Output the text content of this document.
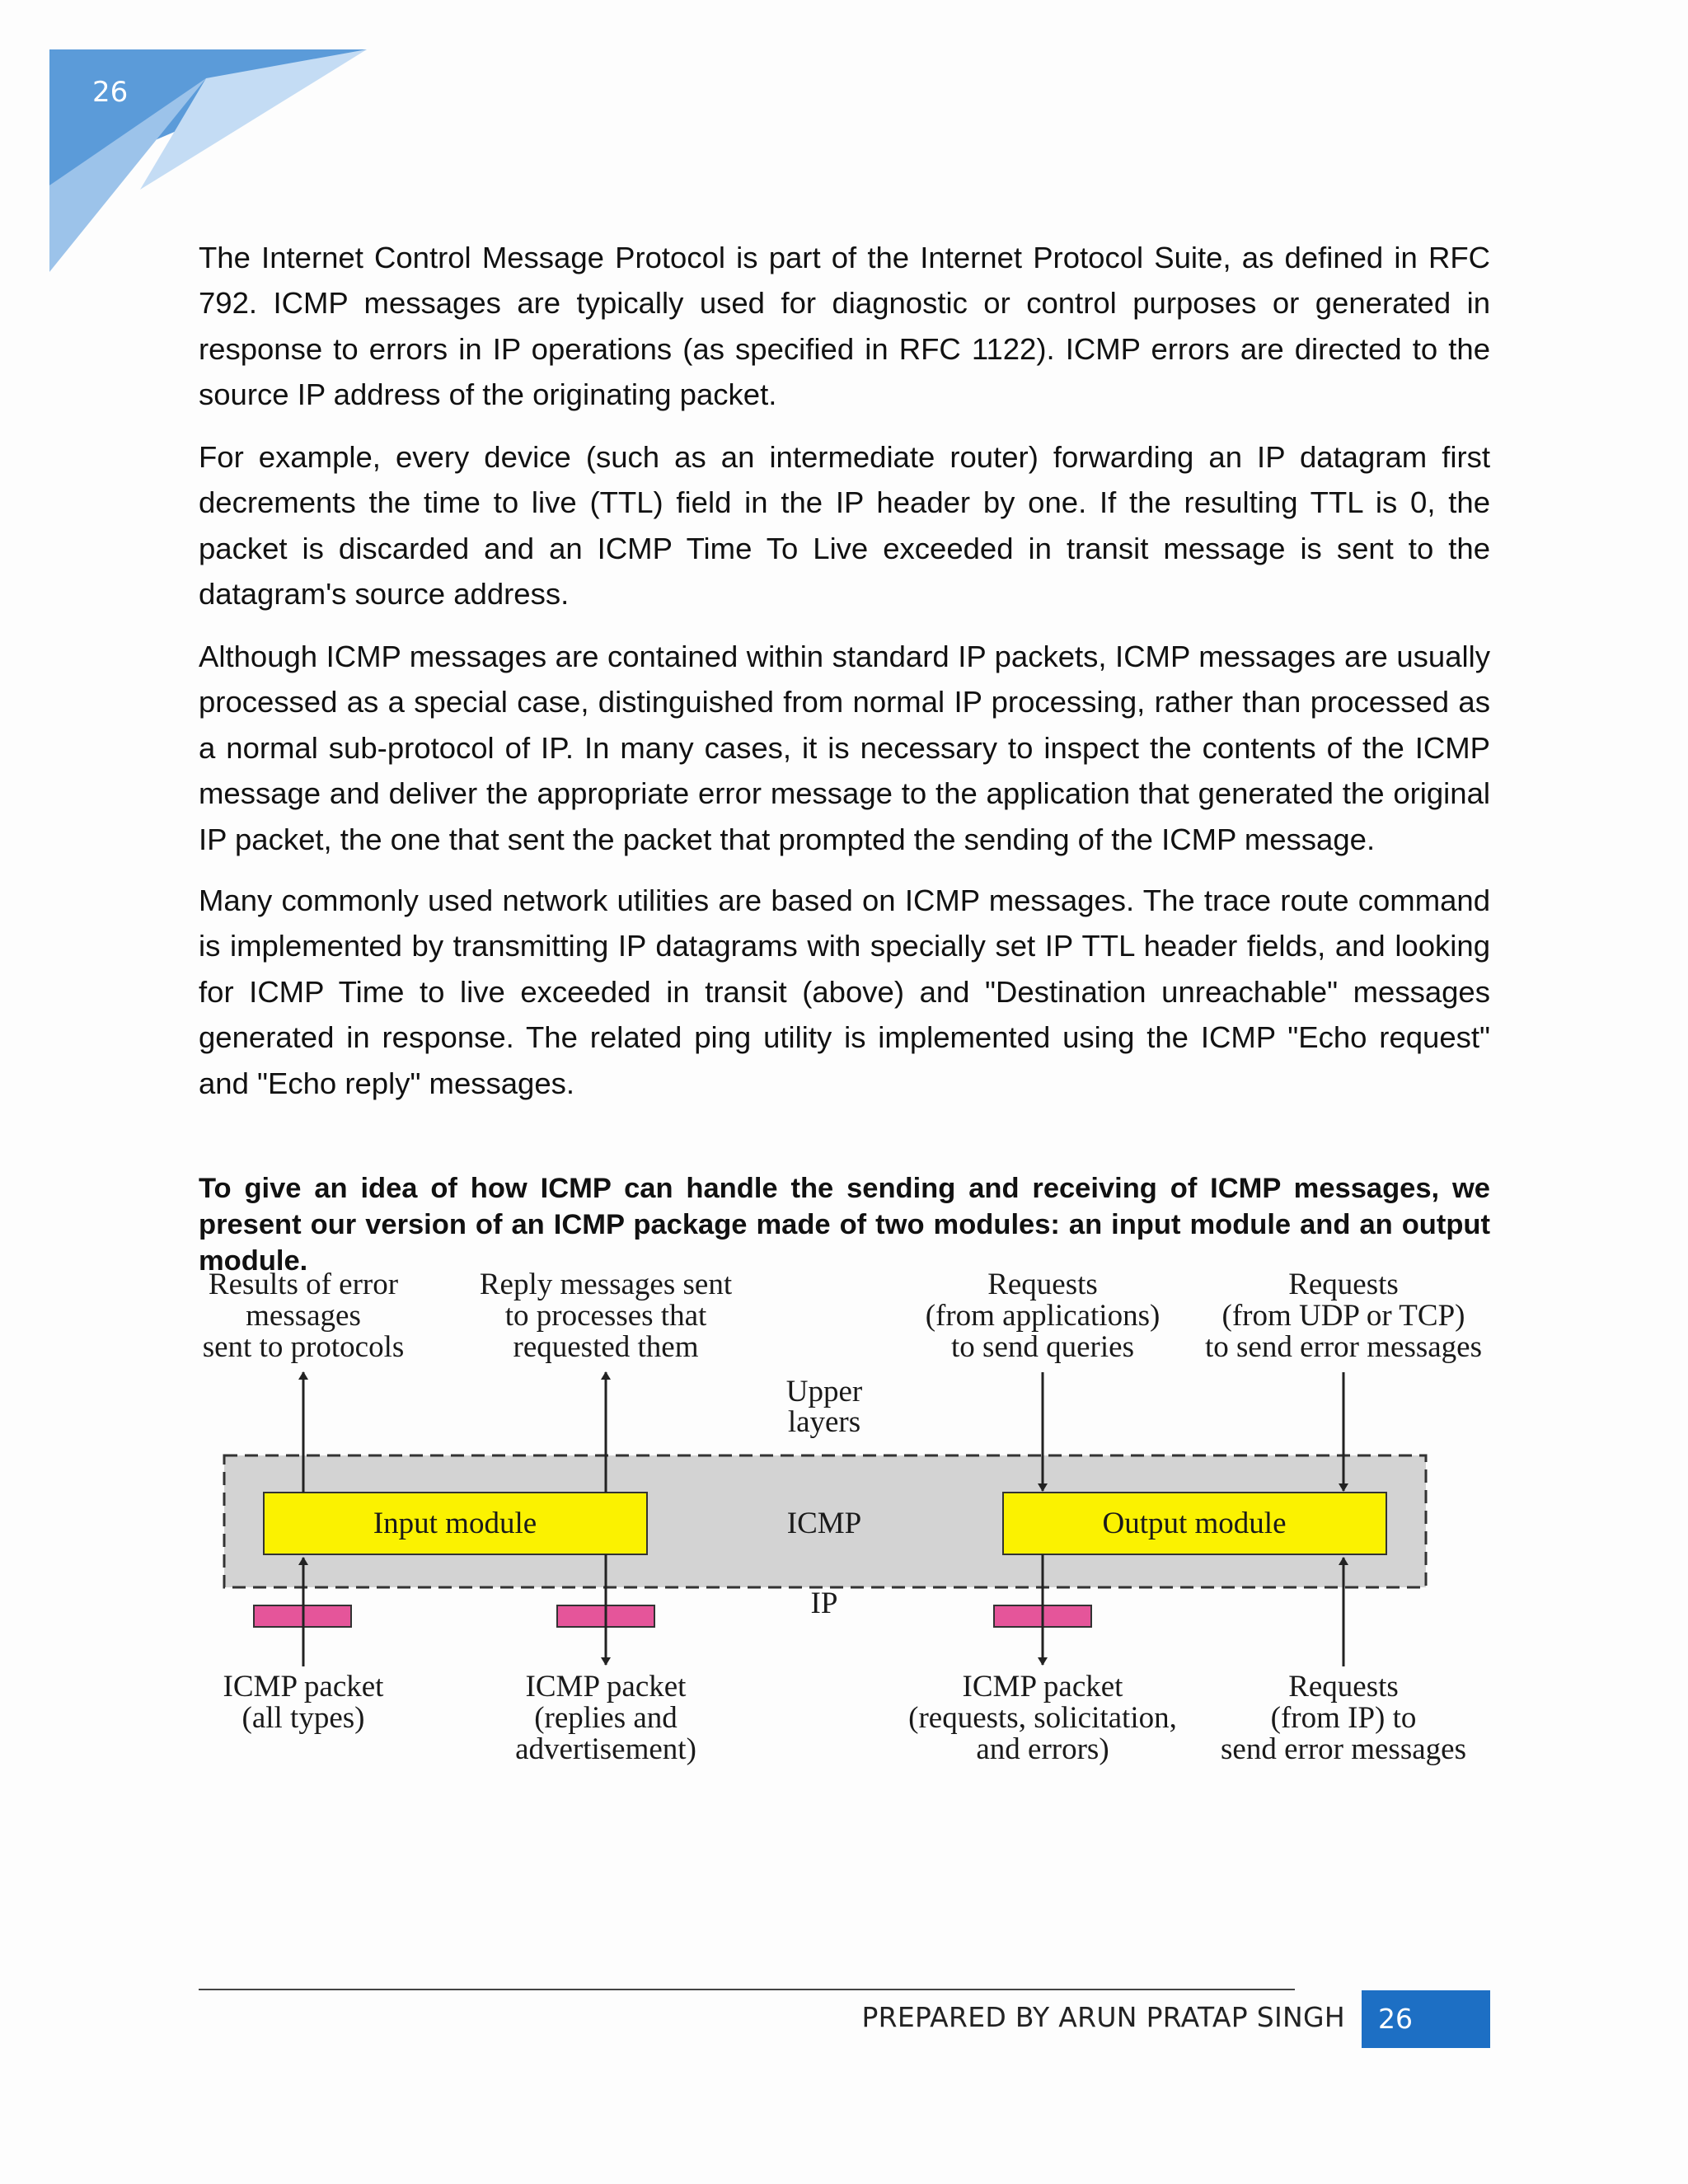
26

The Internet Control Message Protocol is part of the Internet Protocol Suite, as defined in RFC 792. ICMP messages are typically used for diagnostic or control purposes or generated in response to errors in IP operations (as specified in RFC 1122). ICMP errors are directed to the source IP address of the originating packet.

For example, every device (such as an intermediate router) forwarding an IP datagram first decrements the time to live (TTL) field in the IP header by one. If the resulting TTL is 0, the packet is discarded and an ICMP Time To Live exceeded in transit message is sent to the datagram's source address.

Although ICMP messages are contained within standard IP packets, ICMP messages are usually processed as a special case, distinguished from normal IP processing, rather than processed as a normal sub-protocol of IP. In many cases, it is necessary to inspect the contents of the ICMP message and deliver the appropriate error message to the application that generated the original IP packet, the one that sent the packet that prompted the sending of the ICMP message.

Many commonly used network utilities are based on ICMP messages. The trace route command is implemented by transmitting IP datagrams with specially set IP TTL header fields, and looking for ICMP Time to live exceeded in transit (above) and "Destination unreachable" messages generated in response. The related ping utility is implemented using the ICMP "Echo request" and "Echo reply" messages.

To give an idea of how ICMP can handle the sending and receiving of ICMP messages, we present our version of an ICMP package made of two modules: an input module and an output module.

Input module	Output module
Upper
layers
ICMP
IP
Results of error
messages
sent to protocols
Reply messages sent
to processes that
requested them
Requests
(from applications)
to send queries
Requests
(from UDP or TCP)
to send error messages
ICMP packet
(all types)
ICMP packet
(replies and
advertisement)
ICMP packet
(requests, solicitation,
and errors)
Requests
(from IP) to
send error messages
PREPARED BY ARUN PRATAP SINGH	26
